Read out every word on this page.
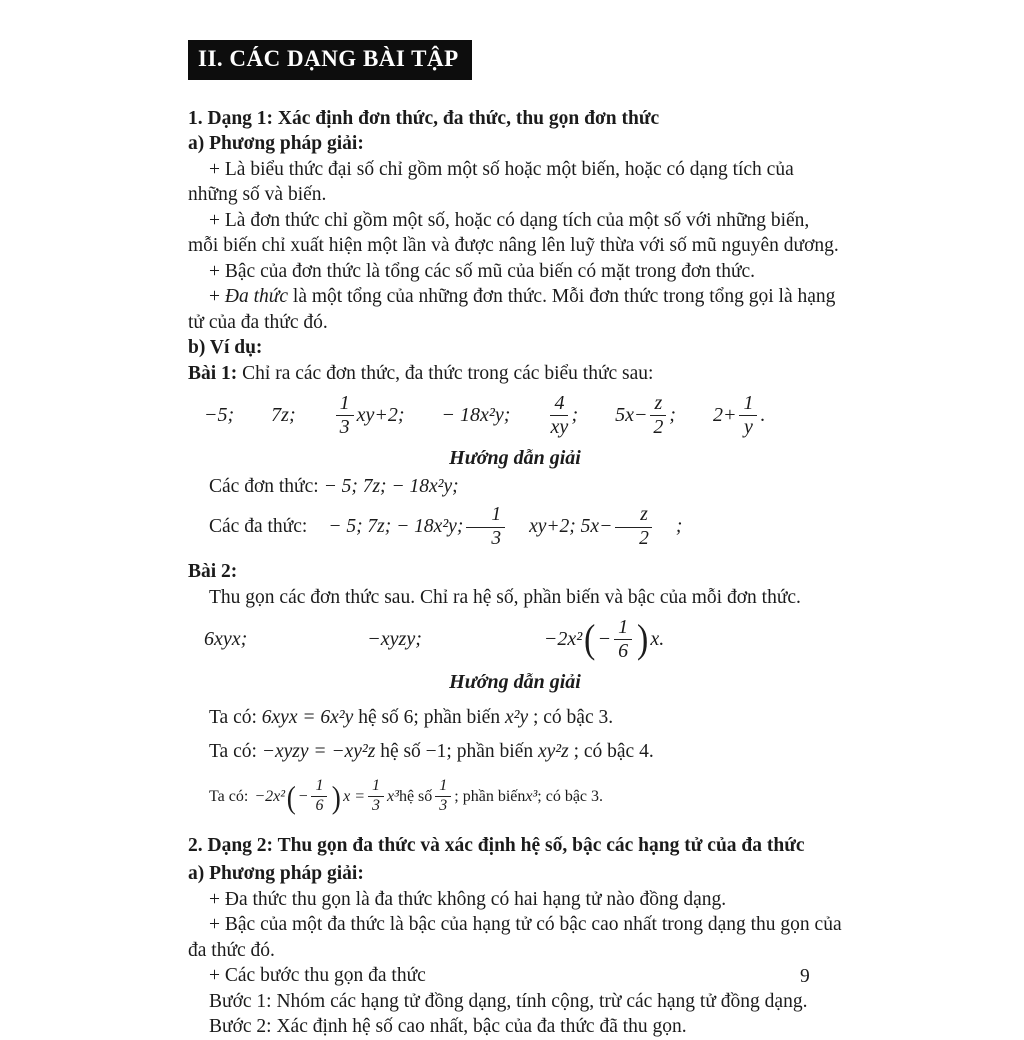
II. CÁC DẠNG BÀI TẬP

1. Dạng 1: Xác định đơn thức, đa thức, thu gọn đơn thức

a) Phương pháp giải:

+ Là biểu thức đại số chỉ gồm một số hoặc một biến, hoặc có dạng tích của những số và biến.

+ Là đơn thức chỉ gồm một số, hoặc có dạng tích của một số với những biến, mỗi biến chỉ xuất hiện một lần và được nâng lên luỹ thừa với số mũ nguyên dương.

+ Bậc của đơn thức là tổng các số mũ của biến có mặt trong đơn thức.

+ Đa thức là một tổng của những đơn thức. Mỗi đơn thức trong tổng gọi là hạng tử của đa thức đó.

b) Ví dụ:

Bài 1: Chỉ ra các đơn thức, đa thức trong các biểu thức sau:

−5; 7z; $\frac{1}{3} xy+2$; − 18x²y; $\frac{4}{xy}$ ; $5x- \frac{z}{2}$ ; $2+ \frac{1}{y}$ .

Hướng dẫn giải

Các đơn thức: − 5; 7z; − 18x²y;

Các đa thức:	− 5; 7z; − 18x²y; $\frac{1}{3}$	xy+2; $5x- \frac{z}{2}$	;

Bài 2:

Thu gọn các đơn thức sau. Chỉ ra hệ số, phần biến và bậc của mỗi đơn thức.

6xyx;	−xyzy;	−2x² ( − $\frac{1}{6}$ ) x.

Hướng dẫn giải

Ta có: 6xyx = 6x²y hệ số 6; phần biến x²y ; có bậc 3.

Ta có: −xyzy = −xy²z hệ số −1; phần biến xy²z ; có bậc 4.

Ta có: −2x² ( − $\frac{1}{6}$ ) $x = \frac{1}{3} x^3$ hệ số $\frac{1}{3}$ ; phần biến x³ ; có bậc 3.

2. Dạng 2: Thu gọn đa thức và xác định hệ số, bậc các hạng tử của đa thức

a) Phương pháp giải:

+ Đa thức thu gọn là đa thức không có hai hạng tử nào đồng dạng.

+ Bậc của một đa thức là bậc của hạng tử có bậc cao nhất trong dạng thu gọn của đa thức đó.

+ Các bước thu gọn đa thức

Bước 1: Nhóm các hạng tử đồng dạng, tính cộng, trừ các hạng tử đồng dạng.

Bước 2: Xác định hệ số cao nhất, bậc của đa thức đã thu gọn.

9
